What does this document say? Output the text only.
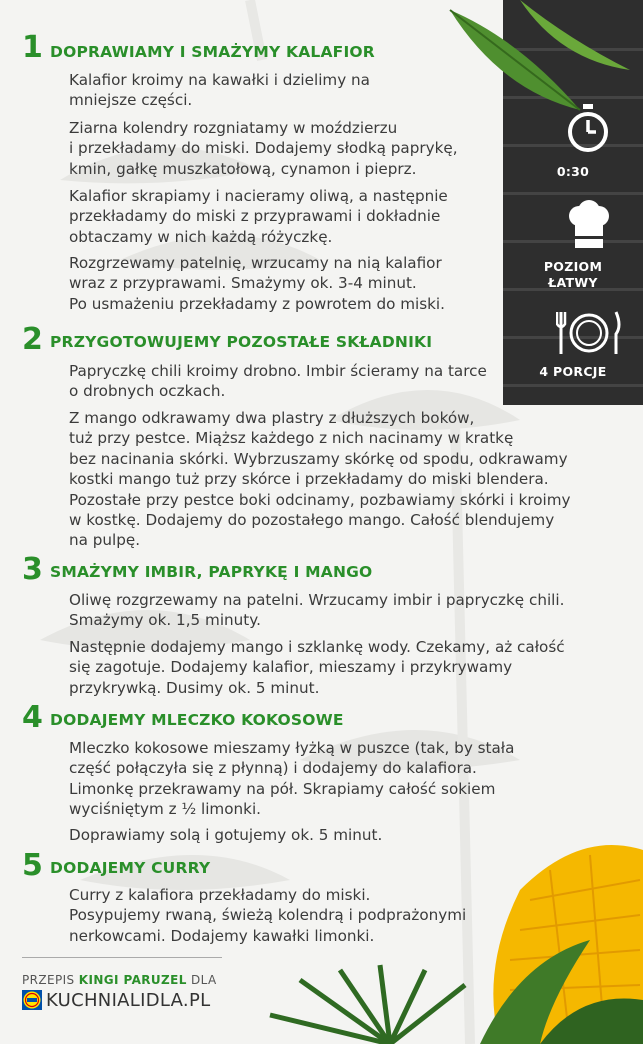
0:30
POZIOM
ŁATWY
4 PORCJE
1 DOPRAWIAMY I SMAŻYMY KALAFIOR
Kalafior kroimy na kawałki i dzielimy na
mniejsze części.
Ziarna kolendry rozgniatamy w moździerzu
i przekładamy do miski. Dodajemy słodką paprykę,
kmin, gałkę muszkatołową, cynamon i pieprz.
Kalafior skrapiamy i nacieramy oliwą, a następnie
przekładamy do miski z przyprawami i dokładnie
obtaczamy w nich każdą różyczkę.
Rozgrzewamy patelnię, wrzucamy na nią kalafior
wraz z przyprawami. Smażymy ok. 3-4 minut.
Po usmażeniu przekładamy z powrotem do miski.
2 PRZYGOTOWUJEMY POZOSTAŁE SKŁADNIKI
Papryczkę chili kroimy drobno. Imbir ścieramy na tarce
o drobnych oczkach.
Z mango odkrawamy dwa plastry z dłuższych boków,
tuż przy pestce. Miąższ każdego z nich nacinamy w kratkę
bez nacinania skórki. Wybrzuszamy skórkę od spodu, odkrawamy
kostki mango tuż przy skórce i przekładamy do miski blendera.
Pozostałe przy pestce boki odcinamy, pozbawiamy skórki i kroimy
w kostkę. Dodajemy do pozostałego mango. Całość blendujemy
na pulpę.
3 SMAŻYMY IMBIR, PAPRYKĘ I MANGO
Oliwę rozgrzewamy na patelni. Wrzucamy imbir i papryczkę chili.
Smażymy ok. 1,5 minuty.
Następnie dodajemy mango i szklankę wody. Czekamy, aż całość
się zagotuje. Dodajemy kalafior, mieszamy i przykrywamy
przykrywką. Dusimy ok. 5 minut.
4 DODAJEMY MLECZKO KOKOSOWE
Mleczko kokosowe mieszamy łyżką w puszce (tak, by stała
część połączyła się z płynną) i dodajemy do kalafiora.
Limonkę przekrawamy na pół. Skrapiamy całość sokiem
wyciśniętym z ½ limonki.
Doprawiamy solą i gotujemy ok. 5 minut.
5 DODAJEMY CURRY
Curry z kalafiora przekładamy do miski.
Posypujemy rwaną, świeżą kolendrą i podprażonymi
nerkowcami. Dodajemy kawałki limonki.
PRZEPIS KINGI PARUZEL DLA
KUCHNIALIDLA.PL
